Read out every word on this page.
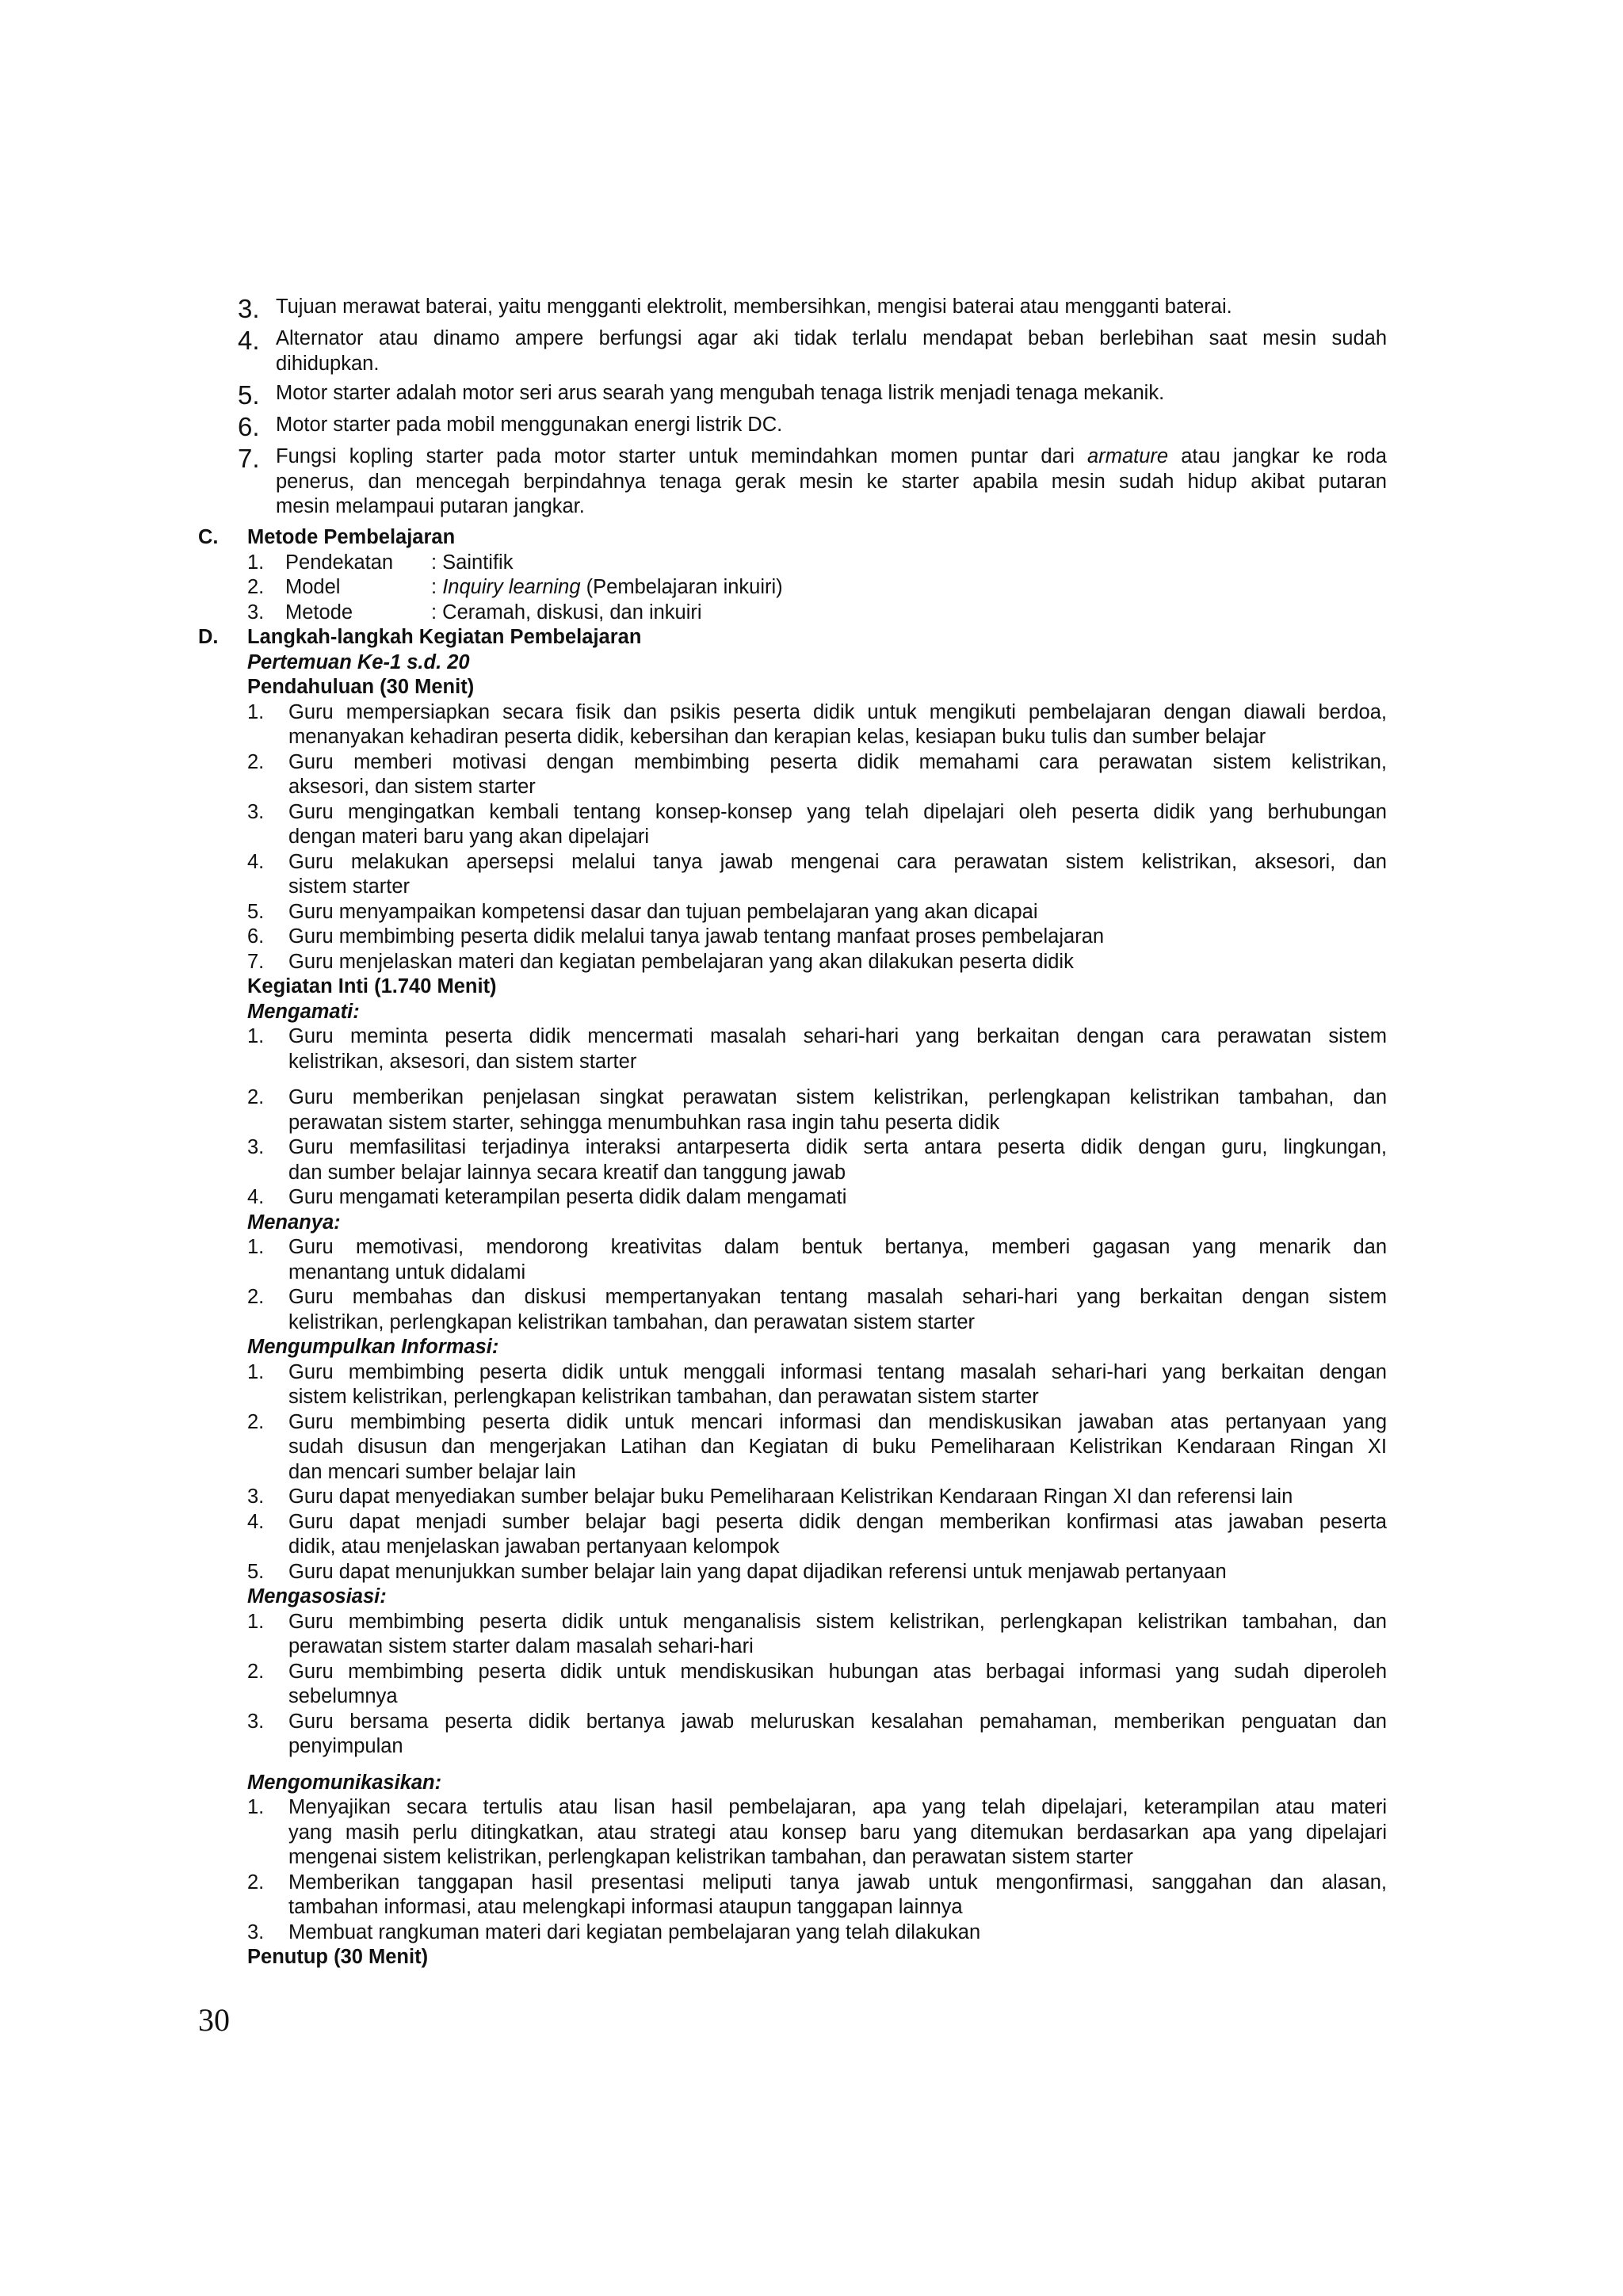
3. Tujuan merawat baterai, yaitu mengganti elektrolit, membersihkan, mengisi baterai atau mengganti baterai.

4. Alternator atau dinamo ampere berfungsi agar aki tidak terlalu mendapat beban berlebihan saat mesin sudah

dihidupkan.

5. Motor starter adalah motor seri arus searah yang mengubah tenaga listrik menjadi tenaga mekanik.

6. Motor starter pada mobil menggunakan energi listrik DC.

7. Fungsi kopling starter pada motor starter untuk memindahkan momen puntar dari armature atau jangkar ke roda

penerus, dan mencegah berpindahnya tenaga gerak mesin ke starter apabila mesin sudah hidup akibat putaran

mesin melampaui putaran jangkar.

C.	Metode Pembelajaran
1.	Pendekatan	: Saintifik
2.	Model	: Inquiry learning (Pembelajaran inkuiri)
3.	Metode	: Ceramah, diskusi, dan inkuiri
D.	Langkah-langkah Kegiatan Pembelajaran
Pertemuan Ke-1 s.d. 20
Pendahuluan (30 Menit)
1.	Guru mempersiapkan secara fisik dan psikis peserta didik untuk mengikuti pembelajaran dengan diawali berdoa,

menanyakan kehadiran peserta didik, kebersihan dan kerapian kelas, kesiapan buku tulis dan sumber belajar

2.	Guru memberi motivasi dengan membimbing peserta didik memahami cara perawatan sistem kelistrikan,

aksesori, dan sistem starter

3.	Guru mengingatkan kembali tentang konsep-konsep yang telah dipelajari oleh peserta didik yang berhubungan

dengan materi baru yang akan dipelajari

4.	Guru melakukan apersepsi melalui tanya jawab mengenai cara perawatan sistem kelistrikan, aksesori, dan

sistem starter

5.	Guru menyampaikan kompetensi dasar dan tujuan pembelajaran yang akan dicapai

6.	Guru membimbing peserta didik melalui tanya jawab tentang manfaat proses pembelajaran

7.	Guru menjelaskan materi dan kegiatan pembelajaran yang akan dilakukan peserta didik

Kegiatan Inti (1.740 Menit)
Mengamati:
1.	Guru meminta peserta didik mencermati masalah sehari-hari yang berkaitan dengan cara perawatan sistem

kelistrikan, aksesori, dan sistem starter

2.	Guru memberikan penjelasan singkat perawatan sistem kelistrikan, perlengkapan kelistrikan tambahan, dan

perawatan sistem starter, sehingga menumbuhkan rasa ingin tahu peserta didik

3.	Guru memfasilitasi terjadinya interaksi antarpeserta didik serta antara peserta didik dengan guru, lingkungan,

dan sumber belajar lainnya secara kreatif dan tanggung jawab

4.	Guru mengamati keterampilan peserta didik dalam mengamati

Menanya:
1.	Guru memotivasi, mendorong kreativitas dalam bentuk bertanya, memberi gagasan yang menarik dan

menantang untuk didalami

2.	Guru membahas dan diskusi mempertanyakan tentang masalah sehari-hari yang berkaitan dengan sistem

kelistrikan, perlengkapan kelistrikan tambahan, dan perawatan sistem starter

Mengumpulkan Informasi:
1.	Guru membimbing peserta didik untuk menggali informasi tentang masalah sehari-hari yang berkaitan dengan

sistem kelistrikan, perlengkapan kelistrikan tambahan, dan perawatan sistem starter

2.	Guru membimbing peserta didik untuk mencari informasi dan mendiskusikan jawaban atas pertanyaan yang

sudah disusun dan mengerjakan Latihan dan Kegiatan di buku Pemeliharaan Kelistrikan Kendaraan Ringan XI

dan mencari sumber belajar lain

3.	Guru dapat menyediakan sumber belajar buku Pemeliharaan Kelistrikan Kendaraan Ringan XI dan referensi lain

4.	Guru dapat menjadi sumber belajar bagi peserta didik dengan memberikan konfirmasi atas jawaban peserta

didik, atau menjelaskan jawaban pertanyaan kelompok

5.	Guru dapat menunjukkan sumber belajar lain yang dapat dijadikan referensi untuk menjawab pertanyaan

Mengasosiasi:
1.	Guru membimbing peserta didik untuk menganalisis sistem kelistrikan, perlengkapan kelistrikan tambahan, dan

perawatan sistem starter dalam masalah sehari-hari

2.	Guru membimbing peserta didik untuk mendiskusikan hubungan atas berbagai informasi yang sudah diperoleh

sebelumnya

3.	Guru bersama peserta didik bertanya jawab meluruskan kesalahan pemahaman, memberikan penguatan dan

penyimpulan

Mengomunikasikan:
1.	Menyajikan secara tertulis atau lisan hasil pembelajaran, apa yang telah dipelajari, keterampilan atau materi

yang masih perlu ditingkatkan, atau strategi atau konsep baru yang ditemukan berdasarkan apa yang dipelajari

mengenai sistem kelistrikan, perlengkapan kelistrikan tambahan, dan perawatan sistem starter

2.	Memberikan tanggapan hasil presentasi meliputi tanya jawab untuk mengonfirmasi, sanggahan dan alasan,

tambahan informasi, atau melengkapi informasi ataupun tanggapan lainnya

3.	Membuat rangkuman materi dari kegiatan pembelajaran yang telah dilakukan

Penutup (30 Menit)
30
